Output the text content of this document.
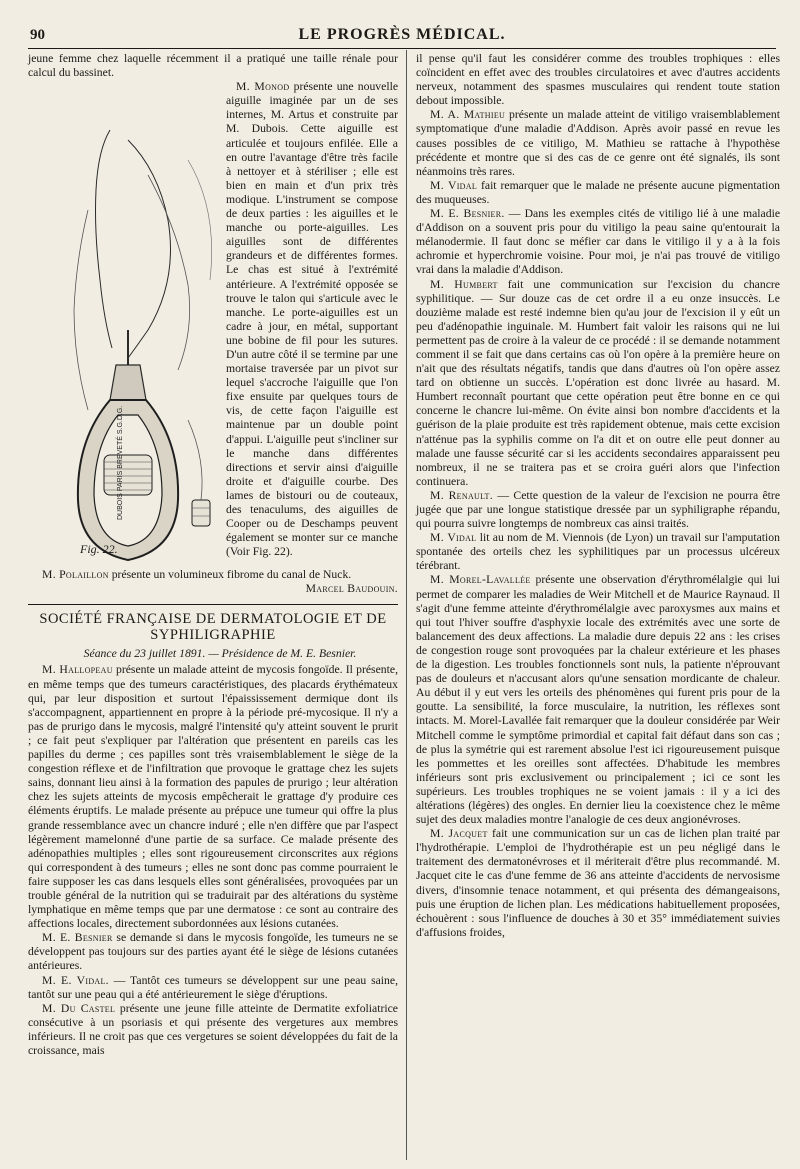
90	LE PROGRÈS MÉDICAL.

jeune femme chez laquelle récemment il a pratiqué une taille rénale pour calcul du bassinet.

DUBOIS PARIS BREVETÉ S.G.D.G.
Fig. 22.

M. Monod présente une nouvelle aiguille imaginée par un de ses internes, M. Artus et construite par M. Dubois. Cette aiguille est articulée et toujours enfilée. Elle a en outre l'avantage d'être très facile à nettoyer et à stériliser ; elle est bien en main et d'un prix très modique. L'instrument se compose de deux parties : les aiguilles et le manche ou porte-aiguilles. Les aiguilles sont de différentes grandeurs et de différentes formes. Le chas est situé à l'extrémité antérieure. A l'extrémité opposée se trouve le talon qui s'articule avec le manche. Le porte-aiguilles est un cadre à jour, en métal, supportant une bobine de fil pour les sutures. D'un autre côté il se termine par une mortaise traversée par un pivot sur lequel s'accroche l'aiguille que l'on fixe ensuite par quelques tours de vis, de cette façon l'aiguille est maintenue par un double point d'appui. L'aiguille peut s'incliner sur le manche dans différentes directions et servir ainsi d'aiguille droite et d'aiguille courbe. Des lames de bistouri ou de couteaux, des tenaculums, des aiguilles de Cooper ou de Deschamps peuvent également se monter sur ce manche (Voir Fig. 22).

M. Polaillon présente un volumineux fibrome du canal de Nuck.

Marcel Baudouin.

SOCIÉTÉ FRANÇAISE DE DERMATOLOGIE ET DE SYPHILIGRAPHIE

Séance du 23 juillet 1891. — Présidence de M. E. Besnier.

M. Hallopeau présente un malade atteint de mycosis fongoïde. Il présente, en même temps que des tumeurs caractéristiques, des placards érythémateux qui, par leur disposition et surtout l'épaississement dermique dont ils s'accompagnent, appartiennent en propre à la période pré-mycosique. Il n'y a pas de prurigo dans le mycosis, malgré l'intensité qu'y atteint souvent le prurit ; ce fait peut s'expliquer par l'altération que présentent en pareils cas les papilles du derme ; ces papilles sont très vraisemblablement le siège de la congestion réflexe et de l'infiltration que provoque le grattage chez les sujets sains, donnant lieu ainsi à la formation des papules de prurigo ; leur altération chez les sujets atteints de mycosis empêcherait le grattage d'y produire ces éléments éruptifs. Le malade présente au prépuce une tumeur qui offre la plus grande ressemblance avec un chancre induré ; elle n'en diffère que par l'aspect légèrement mamelonné d'une partie de sa surface. Ce malade présente des adénopathies multiples ; elles sont rigoureusement circonscrites aux régions qui correspondent à des tumeurs ; elles ne sont donc pas comme pourraient le faire supposer les cas dans lesquels elles sont généralisées, provoquées par un trouble général de la nutrition qui se traduirait par des altérations du système lymphatique en même temps que par une dermatose : ce sont au contraire des affections locales, directement subordonnées aux lésions cutanées.

M. E. Besnier se demande si dans le mycosis fongoïde, les tumeurs ne se développent pas toujours sur des parties ayant été le siège de lésions cutanées antérieures.

M. E. Vidal. — Tantôt ces tumeurs se développent sur une peau saine, tantôt sur une peau qui a été antérieurement le siège d'éruptions.

M. Du Castel présente une jeune fille atteinte de Dermatite exfoliatrice consécutive à un psoriasis et qui présente des vergetures aux membres inférieurs. Il ne croit pas que ces vergetures se soient développées du fait de la croissance, mais

il pense qu'il faut les considérer comme des troubles trophiques : elles coïncident en effet avec des troubles circulatoires et avec d'autres accidents nerveux, notamment des spasmes musculaires qui rendent toute station debout impossible.

M. A. Mathieu présente un malade atteint de vitiligo vraisemblablement symptomatique d'une maladie d'Addison. Après avoir passé en revue les causes possibles de ce vitiligo, M. Mathieu se rattache à l'hypothèse précédente et montre que si des cas de ce genre ont été signalés, ils sont néanmoins très rares.

M. Vidal fait remarquer que le malade ne présente aucune pigmentation des muqueuses.

M. E. Besnier. — Dans les exemples cités de vitiligo lié à une maladie d'Addison on a souvent pris pour du vitiligo la peau saine qu'entourait la mélanodermie. Il faut donc se méfier car dans le vitiligo il y a à la fois achromie et hyperchromie voisine. Pour moi, je n'ai pas trouvé de vitiligo vrai dans la maladie d'Addison.

M. Humbert fait une communication sur l'excision du chancre syphilitique. — Sur douze cas de cet ordre il a eu onze insuccès. Le douzième malade est resté indemne bien qu'au jour de l'excision il y eût un peu d'adénopathie inguinale. M. Humbert fait valoir les raisons qui ne lui permettent pas de croire à la valeur de ce procédé : il se demande notamment comment il se fait que dans certains cas où l'on opère à la première heure on n'ait que des résultats négatifs, tandis que dans d'autres où l'on opère assez tard on obtienne un succès. L'opération est donc livrée au hasard. M. Humbert reconnaît pourtant que cette opération peut être bonne en ce qui concerne le chancre lui-même. On évite ainsi bon nombre d'accidents et la guérison de la plaie produite est très rapidement obtenue, mais cette excision n'atténue pas la syphilis comme on l'a dit et on outre elle peut donner au malade une fausse sécurité car si les accidents secondaires apparaissent peu nombreux, il ne se traitera pas et se croira guéri alors que l'infection continuera.

M. Renault. — Cette question de la valeur de l'excision ne pourra être jugée que par une longue statistique dressée par un syphiligraphe répandu, qui pourra suivre longtemps de nombreux cas ainsi traités.

M. Vidal lit au nom de M. Viennois (de Lyon) un travail sur l'amputation spontanée des orteils chez les syphilitiques par un processus ulcéreux térébrant.

M. Morel-Lavallée présente une observation d'érythromélalgie qui lui permet de comparer les maladies de Weir Mitchell et de Maurice Raynaud. Il s'agit d'une femme atteinte d'érythromélalgie avec paroxysmes aux mains et qui tout l'hiver souffre d'asphyxie locale des extrémités avec une sorte de balancement des deux affections. La maladie dure depuis 22 ans : les crises de congestion rouge sont provoquées par la chaleur extérieure et les phases de la digestion. Les troubles fonctionnels sont nuls, la patiente n'éprouvant pas de douleurs et n'accusant alors qu'une sensation mordicante de chaleur. Au début il y eut vers les orteils des phénomènes qui furent pris pour de la goutte. La sensibilité, la force musculaire, la nutrition, les réflexes sont intacts. M. Morel-Lavallée fait remarquer que la douleur considérée par Weir Mitchell comme le symptôme primordial et capital fait défaut dans son cas ; de plus la symétrie qui est rarement absolue l'est ici rigoureusement puisque les pommettes et les oreilles sont affectées. D'habitude les membres inférieurs sont pris exclusivement ou principalement ; ici ce sont les supérieurs. Les troubles trophiques ne se voient jamais : il y a ici des altérations (légères) des ongles. En dernier lieu la coexistence chez le même sujet des deux maladies montre l'analogie de ces deux angionévroses.

M. Jacquet fait une communication sur un cas de lichen plan traité par l'hydrothérapie. L'emploi de l'hydrothérapie est un peu négligé dans le traitement des dermatonévroses et il mériterait d'être plus recommandé. M. Jacquet cite le cas d'une femme de 36 ans atteinte d'accidents de nervosisme divers, d'insomnie tenace notamment, et qui présenta des démangeaisons, puis une éruption de lichen plan. Les médications habituellement proposées, échouèrent : sous l'influence de douches à 30 et 35° immédiatement suivies d'affusions froides,
